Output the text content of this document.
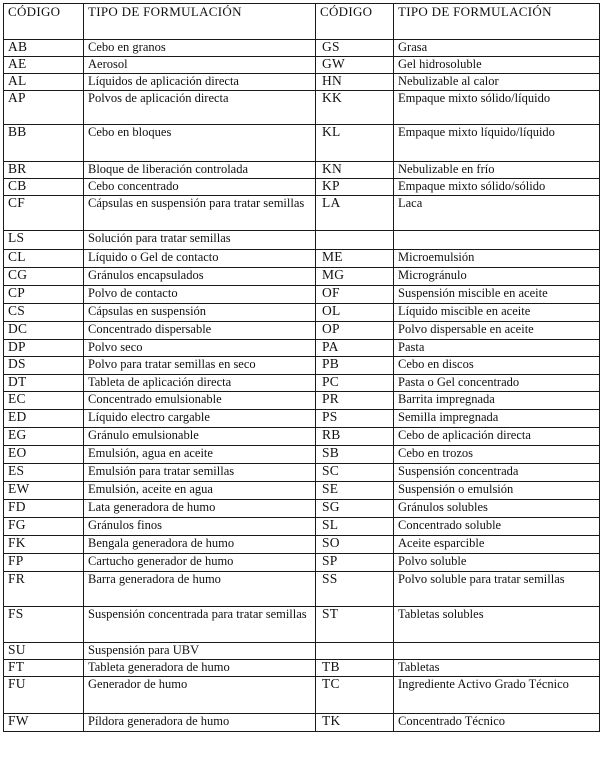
CÓDIGO	TIPO DE FORMULACIÓN	CÓDIGO	TIPO DE FORMULACIÓN
AB	Cebo en granos	GS	Grasa
AE	Aerosol	GW	Gel hidrosoluble
AL	Líquidos de aplicación directa	HN	Nebulizable al calor
AP	Polvos de aplicación directa	KK	Empaque mixto sólido/líquido
BB	Cebo en bloques	KL	Empaque mixto líquido/líquido
BR	Bloque de liberación controlada	KN	Nebulizable en frío
CB	Cebo concentrado	KP	Empaque mixto sólido/sólido
CF	Cápsulas en suspensión para tratar semillas	LA	Laca
LS	Solución para tratar semillas		
CL	Líquido o Gel de contacto	ME	Microemulsión
CG	Gránulos encapsulados	MG	Microgránulo
CP	Polvo de contacto	OF	Suspensión miscible en aceite
CS	Cápsulas en suspensión	OL	Líquido miscible en aceite
DC	Concentrado dispersable	OP	Polvo dispersable en aceite
DP	Polvo seco	PA	Pasta
DS	Polvo para tratar semillas en seco	PB	Cebo en discos
DT	Tableta de aplicación directa	PC	Pasta o Gel concentrado
EC	Concentrado emulsionable	PR	Barrita impregnada
ED	Líquido electro cargable	PS	Semilla impregnada
EG	Gránulo emulsionable	RB	Cebo de aplicación directa
EO	Emulsión, agua en aceite	SB	Cebo en trozos
ES	Emulsión para tratar semillas	SC	Suspensión concentrada
EW	Emulsión, aceite en agua	SE	Suspensión o emulsión
FD	Lata generadora de humo	SG	Gránulos solubles
FG	Gránulos finos	SL	Concentrado soluble
FK	Bengala generadora de humo	SO	Aceite esparcible
FP	Cartucho generador de humo	SP	Polvo soluble
FR	Barra generadora de humo	SS	Polvo soluble para tratar semillas
FS	Suspensión concentrada para tratar semillas	ST	Tabletas solubles
SU	Suspensión para UBV		
FT	Tableta generadora de humo	TB	Tabletas
FU	Generador de humo	TC	Ingrediente Activo Grado Técnico
FW	Píldora generadora de humo	TK	Concentrado Técnico
